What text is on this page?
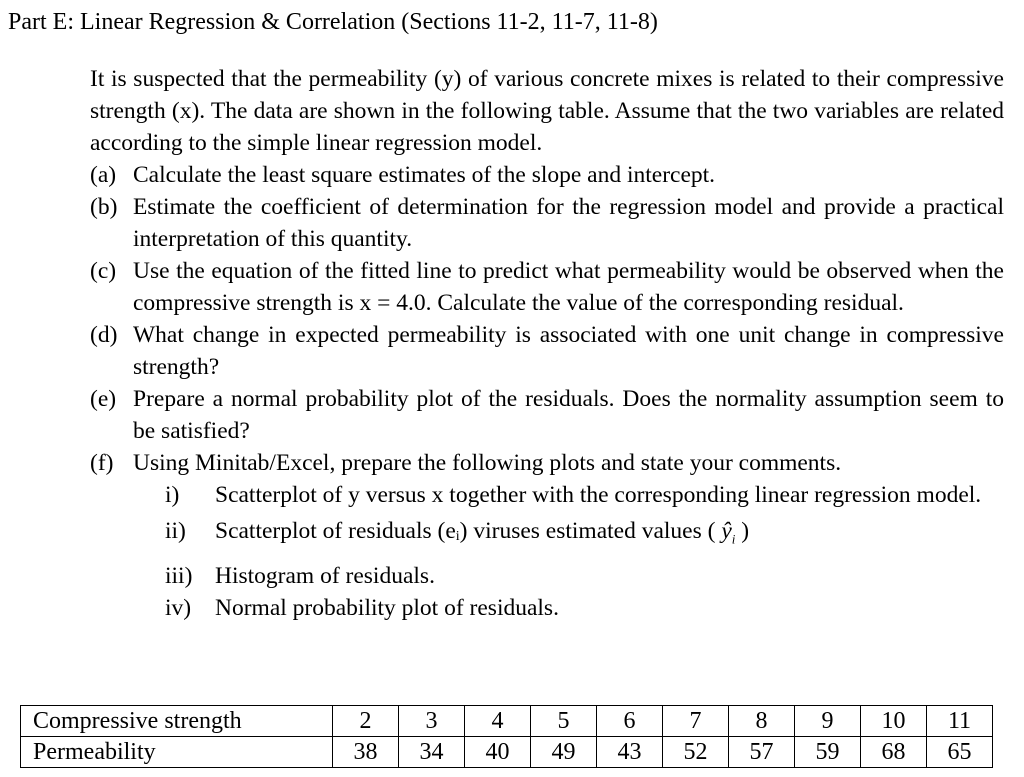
Part E: Linear Regression & Correlation (Sections 11-2, 11-7, 11-8)
It is suspected that the permeability (y) of various concrete mixes is related to their compressive strength (x). The data are shown in the following table. Assume that the two variables are related according to the simple linear regression model.
(a) Calculate the least square estimates of the slope and intercept.
(b) Estimate the coefficient of determination for the regression model and provide a practical interpretation of this quantity.
(c) Use the equation of the fitted line to predict what permeability would be observed when the compressive strength is x = 4.0. Calculate the value of the corresponding residual.
(d) What change in expected permeability is associated with one unit change in compressive strength?
(e) Prepare a normal probability plot of the residuals. Does the normality assumption seem to be satisfied?
(f) Using Minitab/Excel, prepare the following plots and state your comments.
i) Scatterplot of y versus x together with the corresponding linear regression model.
ii) Scatterplot of residuals (eᵢ) viruses estimated values ( $ŷ_i$ )
iii) Histogram of residuals.
iv) Normal probability plot of residuals.
Compressive strength	2	3	4	5	6	7	8	9	10	11
Permeability	38	34	40	49	43	52	57	59	68	65
